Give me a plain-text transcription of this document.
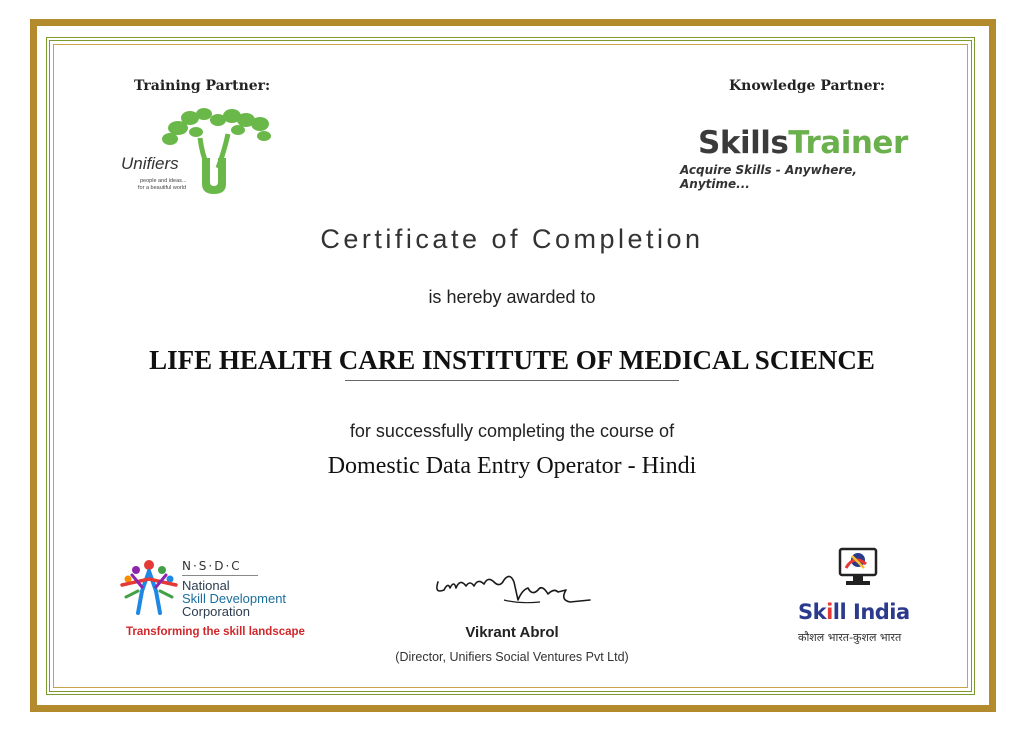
Training Partner:	Knowledge Partner:
Unifiers
people and ideas...
for a beautiful world
SkillsTrainer
Acquire Skills - Anywhere, Anytime...
Certificate of Completion
is hereby awarded to
LIFE HEALTH CARE INSTITUTE OF MEDICAL SCIENCE
for successfully completing the course of
Domestic Data Entry Operator - Hindi
N·S·D·C
National
Skill Development
Corporation
Transforming the skill landscape	Vikrant Abrol
(Director, Unifiers Social Ventures Pvt Ltd)
Skill India
कौशल भारत-कुशल भारत
